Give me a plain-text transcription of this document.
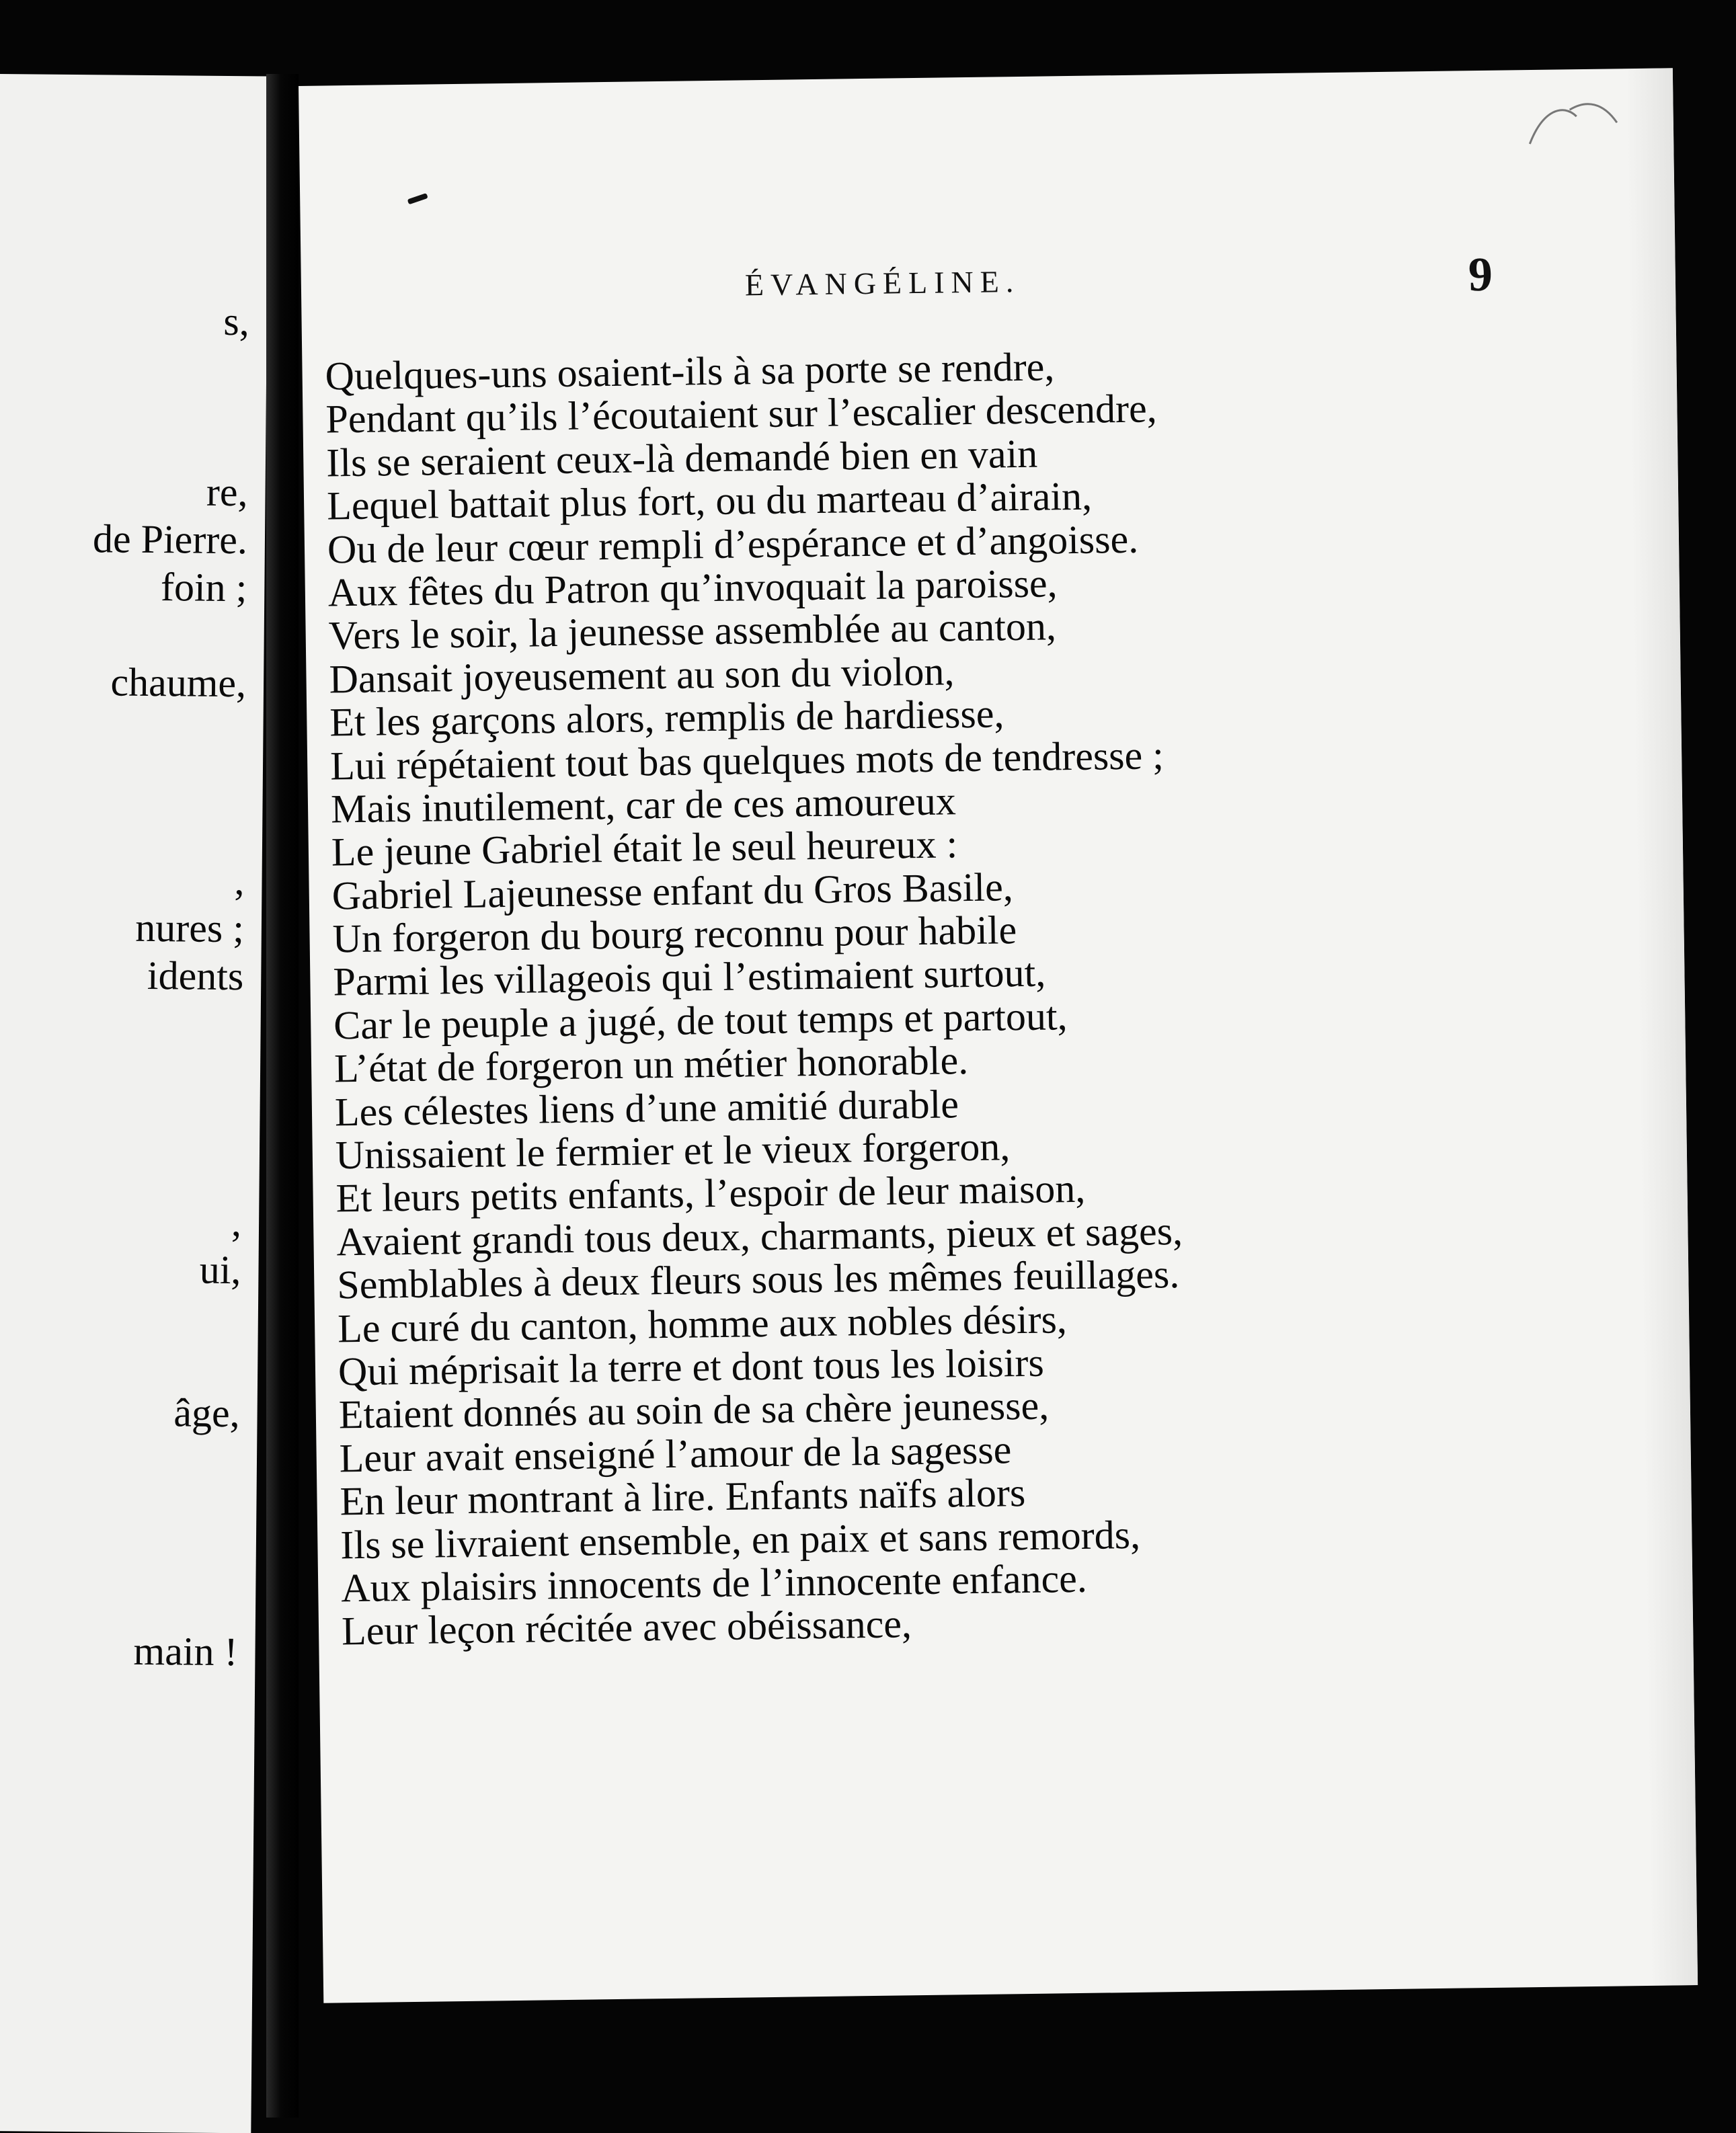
s,
re,
de Pierre.
foin ;
chaume,
,
nures ;
idents
,
ui,
âge,
main !
ÉVANGÉLINE.	9
Quelques-uns osaient-ils à sa porte se rendre,
Pendant qu’ils l’écoutaient sur l’escalier descendre,
Ils se seraient ceux-là demandé bien en vain
Lequel battait plus fort, ou du marteau d’airain,
Ou de leur cœur rempli d’espérance et d’angoisse.
Aux fêtes du Patron qu’invoquait la paroisse,
Vers le soir, la jeunesse assemblée au canton,
Dansait joyeusement au son du violon,
Et les garçons alors, remplis de hardiesse,
Lui répétaient tout bas quelques mots de tendresse ;
Mais inutilement, car de ces amoureux
Le jeune Gabriel était le seul heureux :
Gabriel Lajeunesse enfant du Gros Basile,
Un forgeron du bourg reconnu pour habile
Parmi les villageois qui l’estimaient surtout,
Car le peuple a jugé, de tout temps et partout,
L’état de forgeron un métier honorable.
Les célestes liens d’une amitié durable
Unissaient le fermier et le vieux forgeron,
Et leurs petits enfants, l’espoir de leur maison,
Avaient grandi tous deux, charmants, pieux et sages,
Semblables à deux fleurs sous les mêmes feuillages.
Le curé du canton, homme aux nobles désirs,
Qui méprisait la terre et dont tous les loisirs
Etaient donnés au soin de sa chère jeunesse,
Leur avait enseigné l’amour de la sagesse
En leur montrant à lire. Enfants naïfs alors
Ils se livraient ensemble, en paix et sans remords,
Aux plaisirs innocents de l’innocente enfance.
Leur leçon récitée avec obéissance,
